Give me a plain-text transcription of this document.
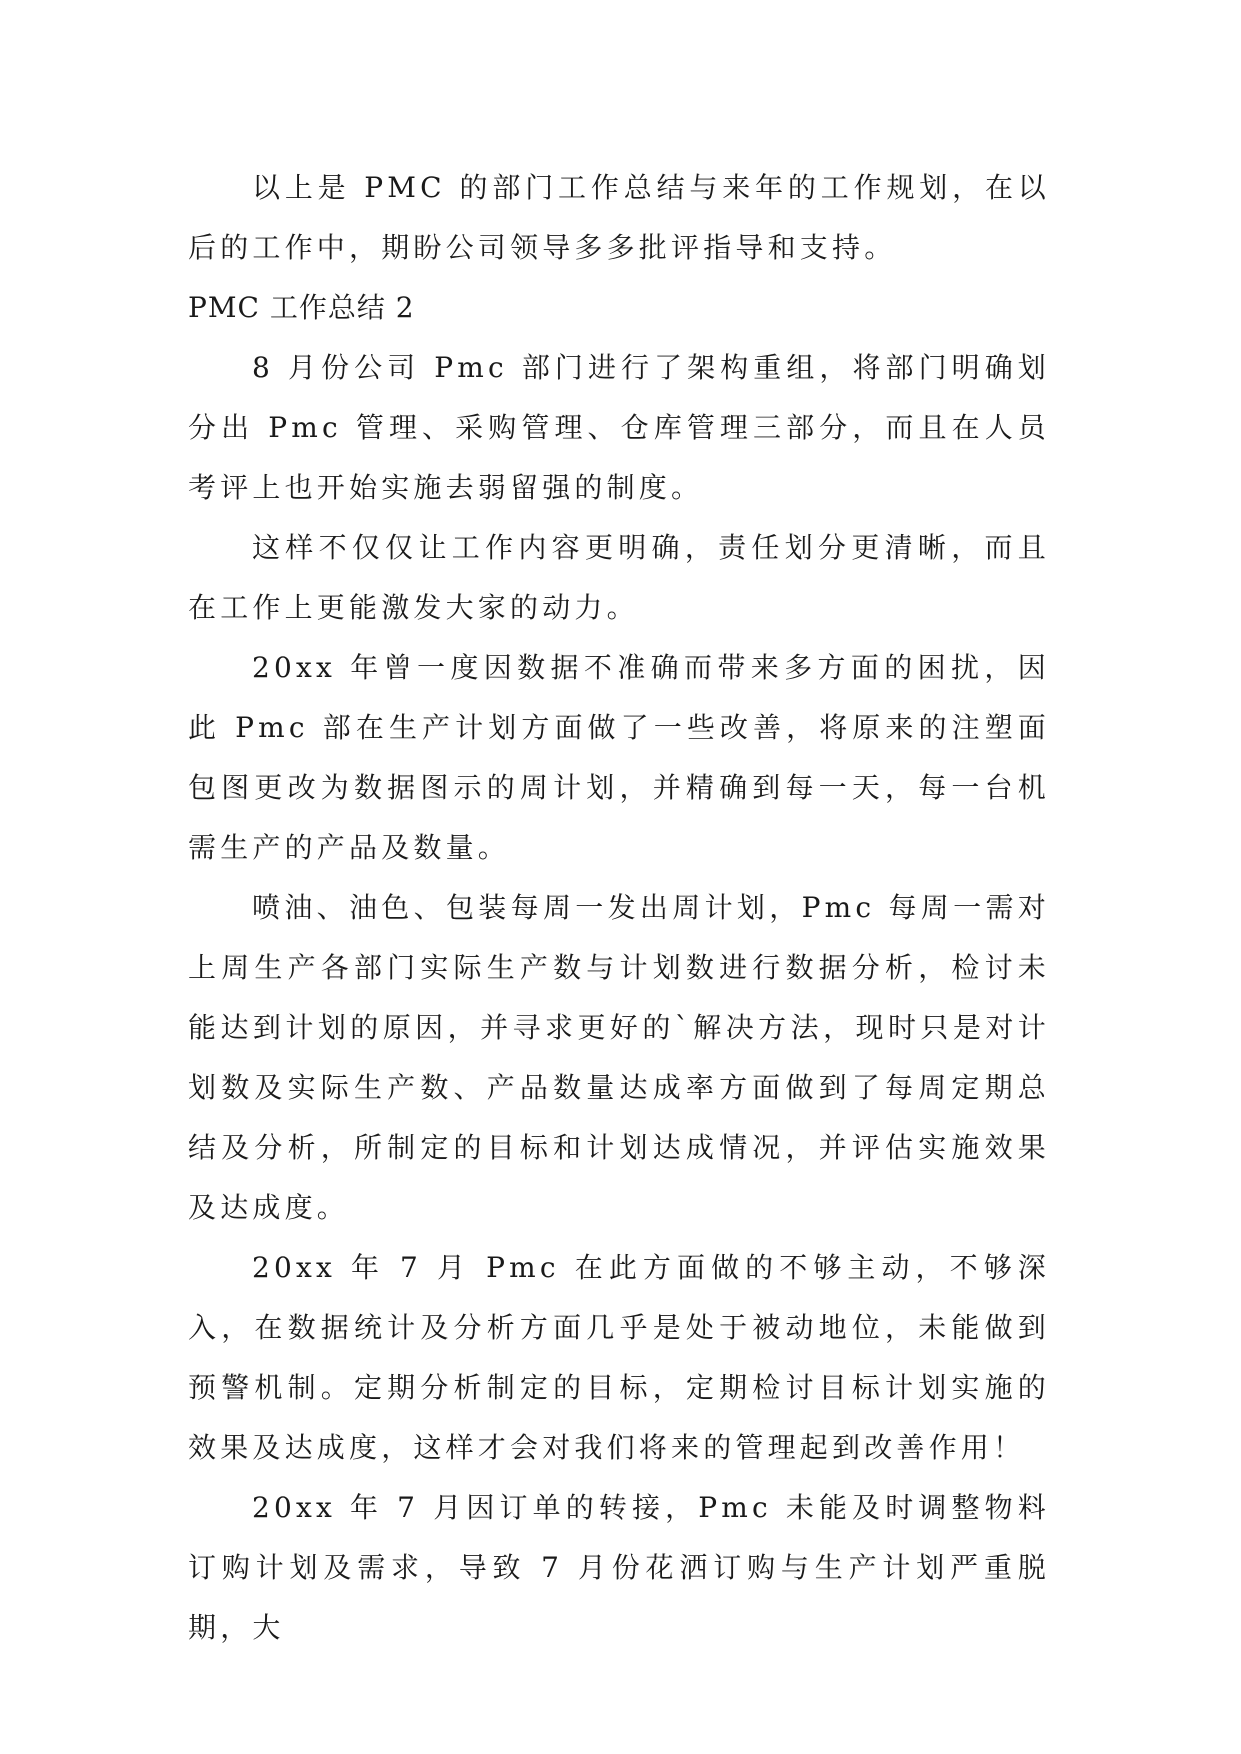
以上是 PMC 的部门工作总结与来年的工作规划，在以后的工作中，期盼公司领导多多批评指导和支持。

PMC 工作总结 2

8 月份公司 Pmc 部门进行了架构重组，将部门明确划分出 Pmc 管理、采购管理、仓库管理三部分，而且在人员考评上也开始实施去弱留强的制度。

这样不仅仅让工作内容更明确，责任划分更清晰，而且在工作上更能激发大家的动力。

20xx 年曾一度因数据不准确而带来多方面的困扰，因此 Pmc 部在生产计划方面做了一些改善，将原来的注塑面包图更改为数据图示的周计划，并精确到每一天，每一台机需生产的产品及数量。

喷油、油色、包装每周一发出周计划，Pmc 每周一需对上周生产各部门实际生产数与计划数进行数据分析，检讨未能达到计划的原因，并寻求更好的`解决方法，现时只是对计划数及实际生产数、产品数量达成率方面做到了每周定期总结及分析，所制定的目标和计划达成情况，并评估实施效果及达成度。

20xx 年 7 月 Pmc 在此方面做的不够主动，不够深入，在数据统计及分析方面几乎是处于被动地位，未能做到预警机制。定期分析制定的目标，定期检讨目标计划实施的效果及达成度，这样才会对我们将来的管理起到改善作用！

20xx 年 7 月因订单的转接，Pmc 未能及时调整物料订购计划及需求，导致 7 月份花洒订购与生产计划严重脱期，大
